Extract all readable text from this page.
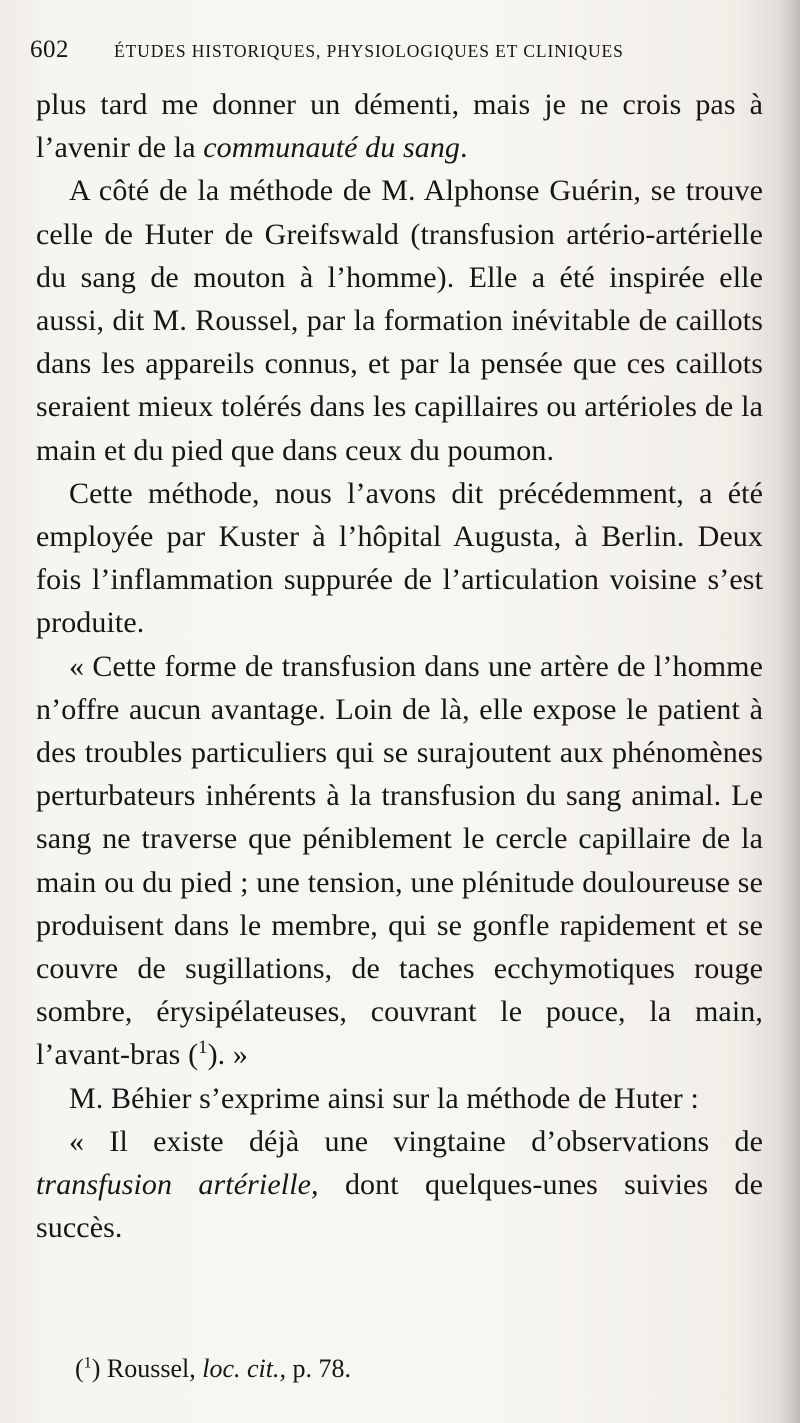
602	ÉTUDES HISTORIQUES, PHYSIOLOGIQUES ET CLINIQUES

plus tard me donner un démenti, mais je ne crois pas à l’avenir de la communauté du sang.

A côté de la méthode de M. Alphonse Guérin, se trouve celle de Huter de Greifswald (transfusion artério-artérielle du sang de mouton à l’homme). Elle a été inspirée elle aussi, dit M. Roussel, par la formation inévitable de caillots dans les appareils connus, et par la pensée que ces caillots seraient mieux tolérés dans les capillaires ou artérioles de la main et du pied que dans ceux du poumon.

Cette méthode, nous l’avons dit précédemment, a été employée par Kuster à l’hôpital Augusta, à Berlin. Deux fois l’inflammation suppurée de l’articulation voisine s’est produite.

« Cette forme de transfusion dans une artère de l’homme n’offre aucun avantage. Loin de là, elle expose le patient à des troubles particuliers qui se surajoutent aux phénomènes perturbateurs inhérents à la transfusion du sang animal. Le sang ne traverse que péniblement le cercle capillaire de la main ou du pied ; une tension, une plénitude douloureuse se produisent dans le membre, qui se gonfle rapidement et se couvre de sugillations, de taches ecchymotiques rouge sombre, érysipélateuses, couvrant le pouce, la main, l’avant-bras ($^1$). »

M. Béhier s’exprime ainsi sur la méthode de Huter :

« Il existe déjà une vingtaine d’observations de transfusion artérielle, dont quelques-unes suivies de succès.

($^1$) Roussel, loc. cit., p. 78.
